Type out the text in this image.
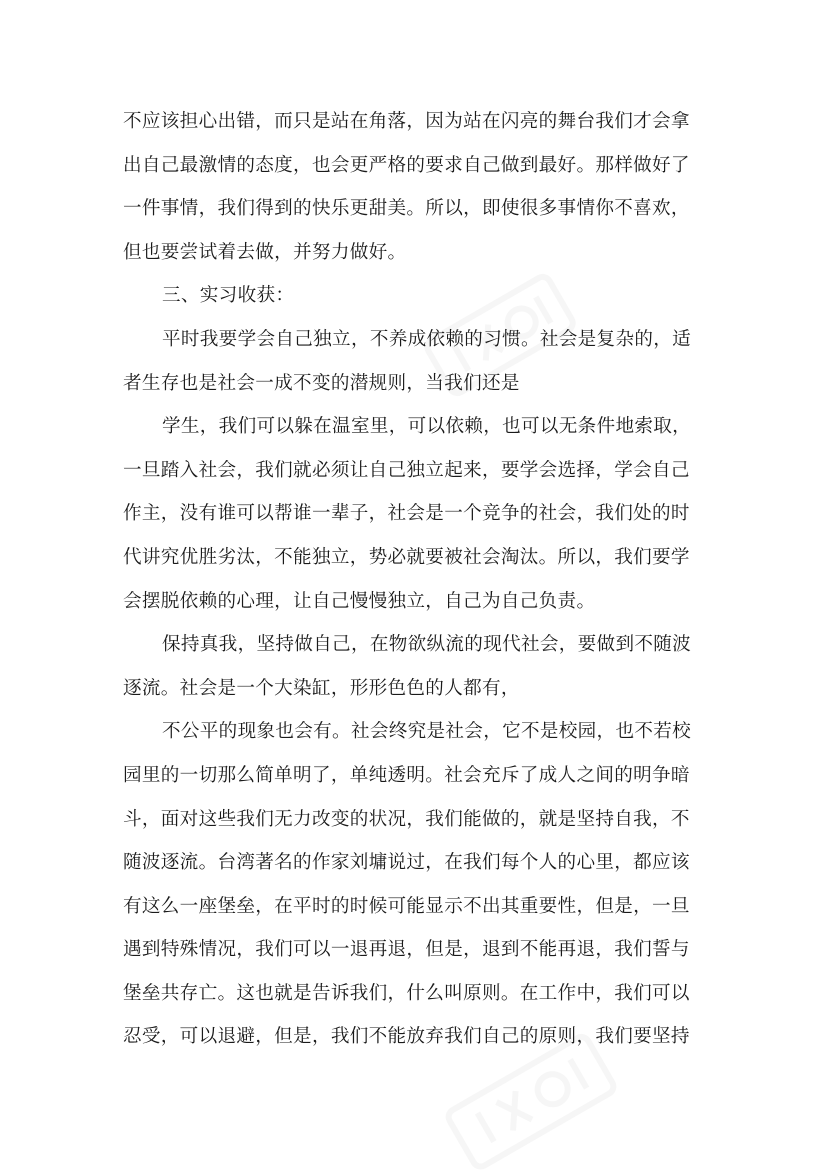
不应该担心出错，而只是站在角落，因为站在闪亮的舞台我们才会拿
出自己最激情的态度，也会更严格的要求自己做到最好。那样做好了
一件事情，我们得到的快乐更甜美。所以，即使很多事情你不喜欢，
但也要尝试着去做，并努力做好。
三、实习收获：
平时我要学会自己独立，不养成依赖的习惯。社会是复杂的，适
者生存也是社会一成不变的潜规则，当我们还是
学生，我们可以躲在温室里，可以依赖，也可以无条件地索取，
一旦踏入社会，我们就必须让自己独立起来，要学会选择，学会自己
作主，没有谁可以帮谁一辈子，社会是一个竞争的社会，我们处的时
代讲究优胜劣汰，不能独立，势必就要被社会淘汰。所以，我们要学
会摆脱依赖的心理，让自己慢慢独立，自己为自己负责。
保持真我，坚持做自己，在物欲纵流的现代社会，要做到不随波
逐流。社会是一个大染缸，形形色色的人都有，
不公平的现象也会有。社会终究是社会，它不是校园，也不若校
园里的一切那么简单明了，单纯透明。社会充斥了成人之间的明争暗
斗，面对这些我们无力改变的状况，我们能做的，就是坚持自我，不
随波逐流。台湾著名的作家刘墉说过，在我们每个人的心里，都应该
有这么一座堡垒，在平时的时候可能显示不出其重要性，但是，一旦
遇到特殊情况，我们可以一退再退，但是，退到不能再退，我们誓与
堡垒共存亡。这也就是告诉我们，什么叫原则。在工作中，我们可以
忍受，可以退避，但是，我们不能放弃我们自己的原则，我们要坚持
